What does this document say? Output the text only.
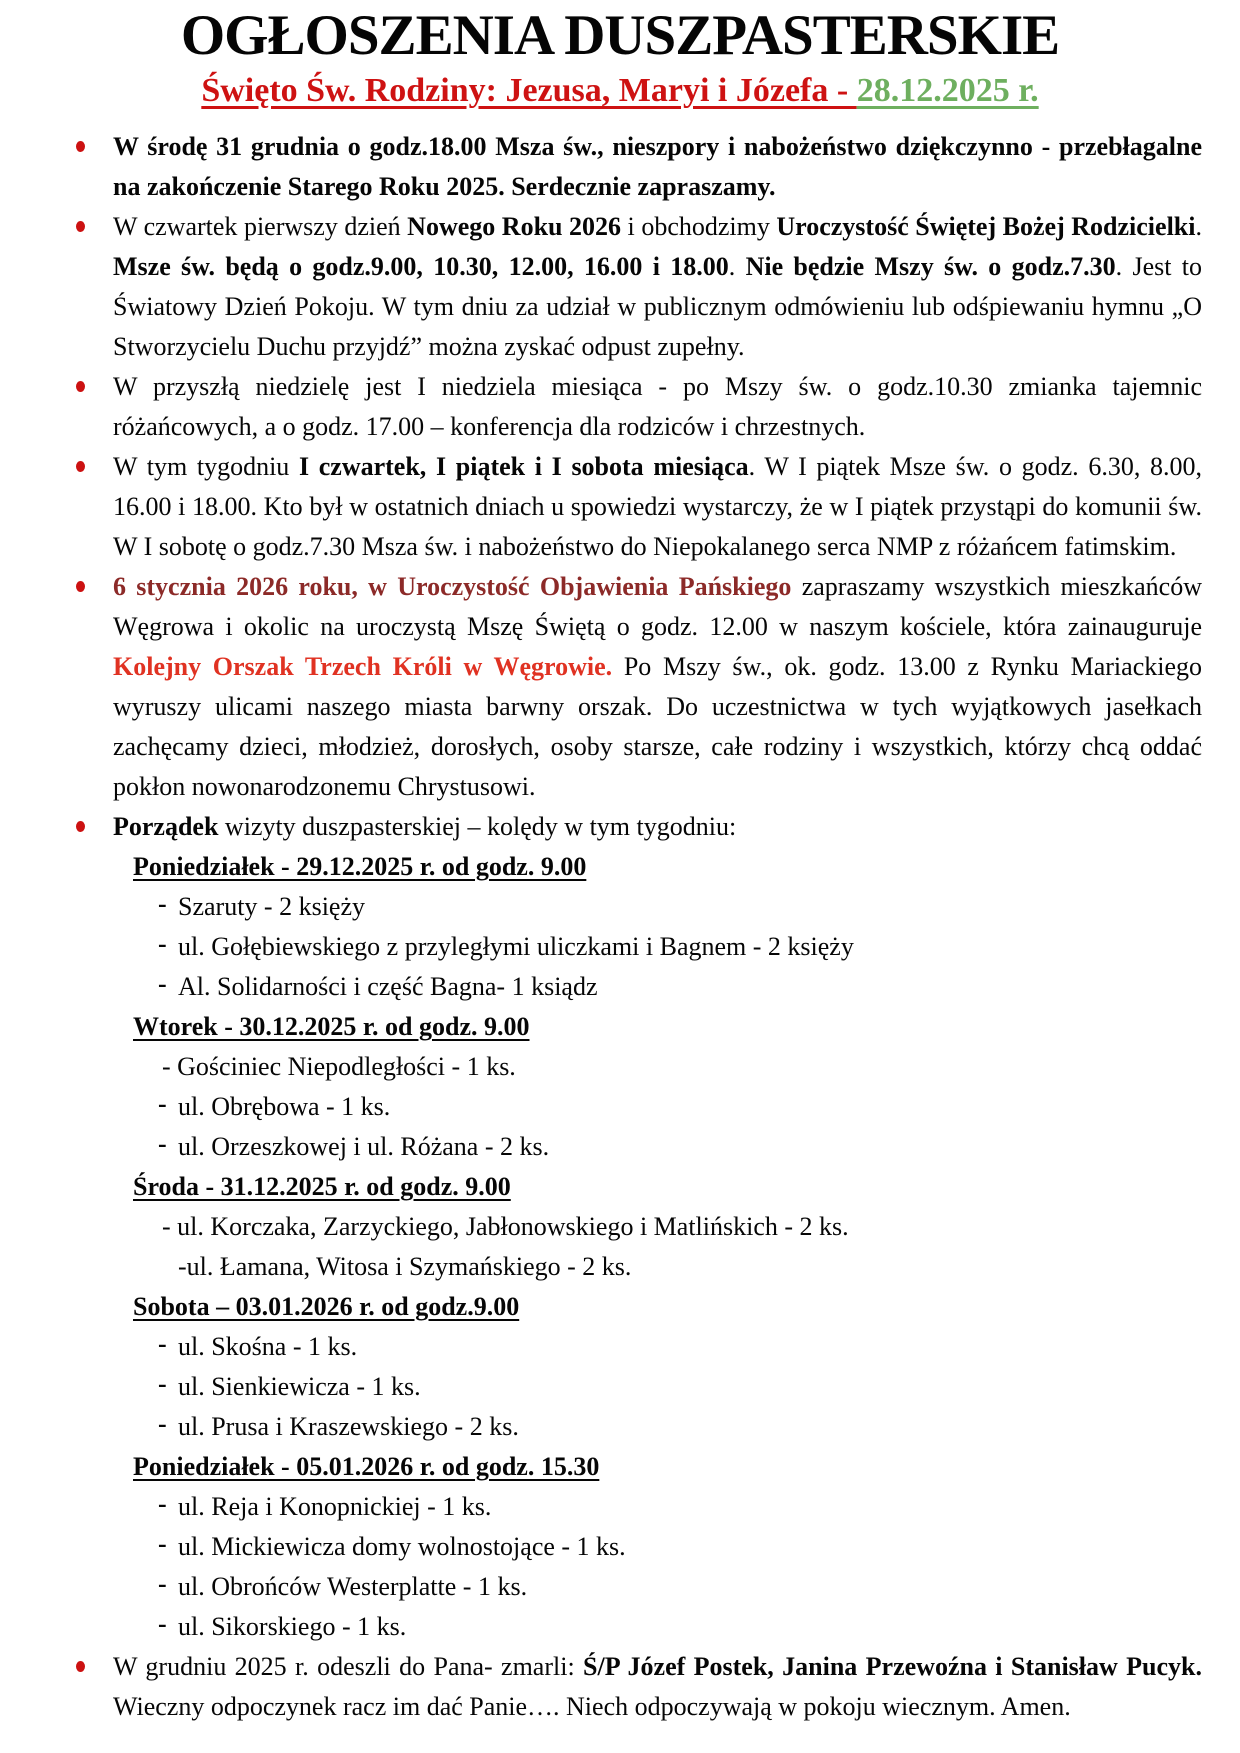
OGŁOSZENIA DUSZPASTERSKIE
Święto Św. Rodziny: Jezusa, Maryi i Józefa - 28.12.2025 r.
W środę 31 grudnia o godz.18.00 Msza św., nieszpory i nabożeństwo dziękczynno - przebłagalne na zakończenie Starego Roku 2025. Serdecznie zapraszamy.
W czwartek pierwszy dzień Nowego Roku 2026 i obchodzimy Uroczystość Świętej Bożej Rodzicielki. Msze św. będą o godz.9.00, 10.30, 12.00, 16.00 i 18.00. Nie będzie Mszy św. o godz.7.30. Jest to Światowy Dzień Pokoju. W tym dniu za udział w publicznym odmówieniu lub odśpiewaniu hymnu „O Stworzycielu Duchu przyjdź” można zyskać odpust zupełny.
W przyszłą niedzielę jest I niedziela miesiąca - po Mszy św. o godz.10.30 zmianka tajemnic różańcowych, a o godz. 17.00 – konferencja dla rodziców i chrzestnych.
W tym tygodniu I czwartek, I piątek i I sobota miesiąca. W I piątek Msze św. o godz. 6.30, 8.00, 16.00 i 18.00. Kto był w ostatnich dniach u spowiedzi wystarczy, że w I piątek przystąpi do komunii św. W I sobotę o godz.7.30 Msza św. i nabożeństwo do Niepokalanego serca NMP z różańcem fatimskim.
6 stycznia 2026 roku, w Uroczystość Objawienia Pańskiego zapraszamy wszystkich mieszkańców Węgrowa i okolic na uroczystą Mszę Świętą o godz. 12.00 w naszym kościele, która zainauguruje Kolejny Orszak Trzech Króli w Węgrowie. Po Mszy św., ok. godz. 13.00 z Rynku Mariackiego wyruszy ulicami naszego miasta barwny orszak. Do uczestnictwa w tych wyjątkowych jasełkach zachęcamy dzieci, młodzież, dorosłych, osoby starsze, całe rodziny i wszystkich, którzy chcą oddać pokłon nowonarodzonemu Chrystusowi.
Porządek wizyty duszpasterskiej – kolędy w tym tygodniu:
Poniedziałek - 29.12.2025 r. od godz. 9.00
- Szaruty - 2 księży
- ul. Gołębiewskiego z przyległymi uliczkami i Bagnem - 2 księży
- Al. Solidarności i część Bagna- 1 ksiądz
Wtorek - 30.12.2025 r. od godz. 9.00
- Gościniec Niepodległości - 1 ks.
- ul. Obrębowa - 1 ks.
- ul. Orzeszkowej i ul. Różana - 2 ks.
Środa - 31.12.2025 r. od godz. 9.00
- ul. Korczaka, Zarzyckiego, Jabłonowskiego i Matlińskich - 2 ks.
-ul. Łamana, Witosa i Szymańskiego - 2 ks.
Sobota – 03.01.2026 r. od godz.9.00
- ul. Skośna - 1 ks.
- ul. Sienkiewicza - 1 ks.
- ul. Prusa i Kraszewskiego - 2 ks.
Poniedziałek - 05.01.2026 r. od godz. 15.30
- ul. Reja i Konopnickiej - 1 ks.
- ul. Mickiewicza domy wolnostojące - 1 ks.
- ul. Obrońców Westerplatte - 1 ks.
- ul. Sikorskiego - 1 ks.
W grudniu 2025 r. odeszli do Pana- zmarli: Ś/P Józef Postek, Janina Przewoźna i Stanisław Pucyk. Wieczny odpoczynek racz im dać Panie…. Niech odpoczywają w pokoju wiecznym. Amen.
